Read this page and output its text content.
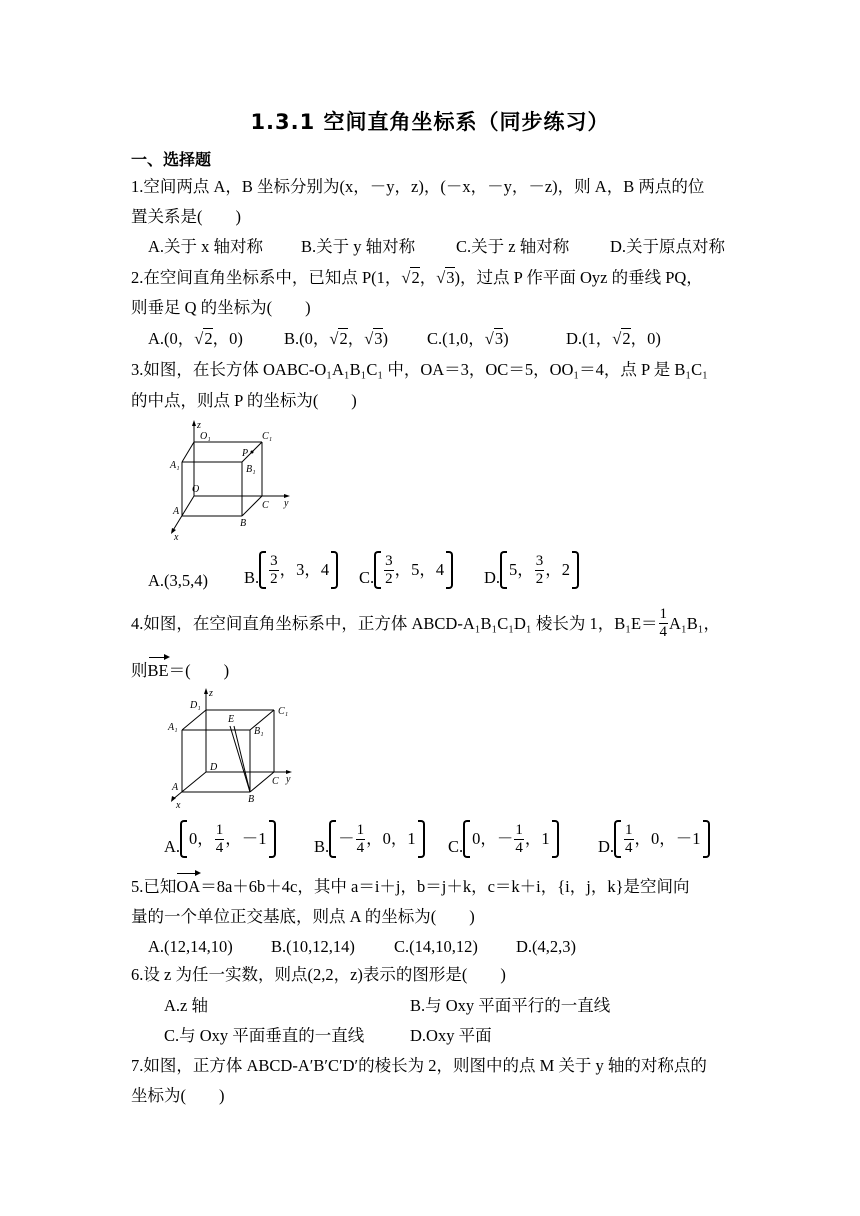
1.3.1 空间直角坐标系（同步练习）
一、选择题
1.空间两点 A，B 坐标分别为(x，－y，z)，(－x，－y，－z)，则 A，B 两点的位
置关系是(　　)
A.关于 x 轴对称 B.关于 y 轴对称 C.关于 z 轴对称 D.关于原点对称
2.在空间直角坐标系中，已知点 P(1，√2，√3)，过点 P 作平面 Oyz 的垂线 PQ，
则垂足 Q 的坐标为(　　)
A.(0，√2，0) B.(0，√2，√3) C.(1,0，√3)	D.(1，√2，0)
3.如图，在长方体 OABC-O₁A₁B₁C₁ 中，OA＝3，OC＝5，OO₁＝4，点 P 是 B₁C₁
的中点，则点 P 的坐标为(　　)
z
O₁	C₁
P
A₁	B₁
O
C y
A
B
x
A.(3,5,4) B. $\frac{3}{2}$ ，3，4 C. $\frac{3}{2}$ ，5，4 D. 5， $\frac{3}{2}$ ，2
4.如图，在空间直角坐标系中，正方体 ABCD-A₁B₁C₁D₁ 棱长为 1，$B_1E= \frac{1}{4} A_1B_1$，
则BE＝(　　)
z
D₁
C₁
E
A₁	B₁
D
C y
A
B
x
A. 0， $\frac{1}{4}$ ，－1	B. － $\frac{1}{4}$ ，0，1 C. 0，－ $\frac{1}{4}$ ，1	D. $\frac{1}{4}$ ，0，－1
5.已知OA＝8a＋6b＋4c，其中 a＝i＋j，b＝j＋k，c＝k＋i，{i，j，k}是空间向
量的一个单位正交基底，则点 A 的坐标为(　　)
A.(12,14,10) B.(10,12,14) C.(14,10,12) D.(4,2,3)
6.设 z 为任一实数，则点(2,2，z)表示的图形是(　　)
A.z 轴	B.与 Oxy 平面平行的一直线
C.与 Oxy 平面垂直的一直线	D.Oxy 平面
7.如图，正方体 ABCD-A′B′C′D′的棱长为 2，则图中的点 M 关于 y 轴的对称点的
坐标为(　　)
